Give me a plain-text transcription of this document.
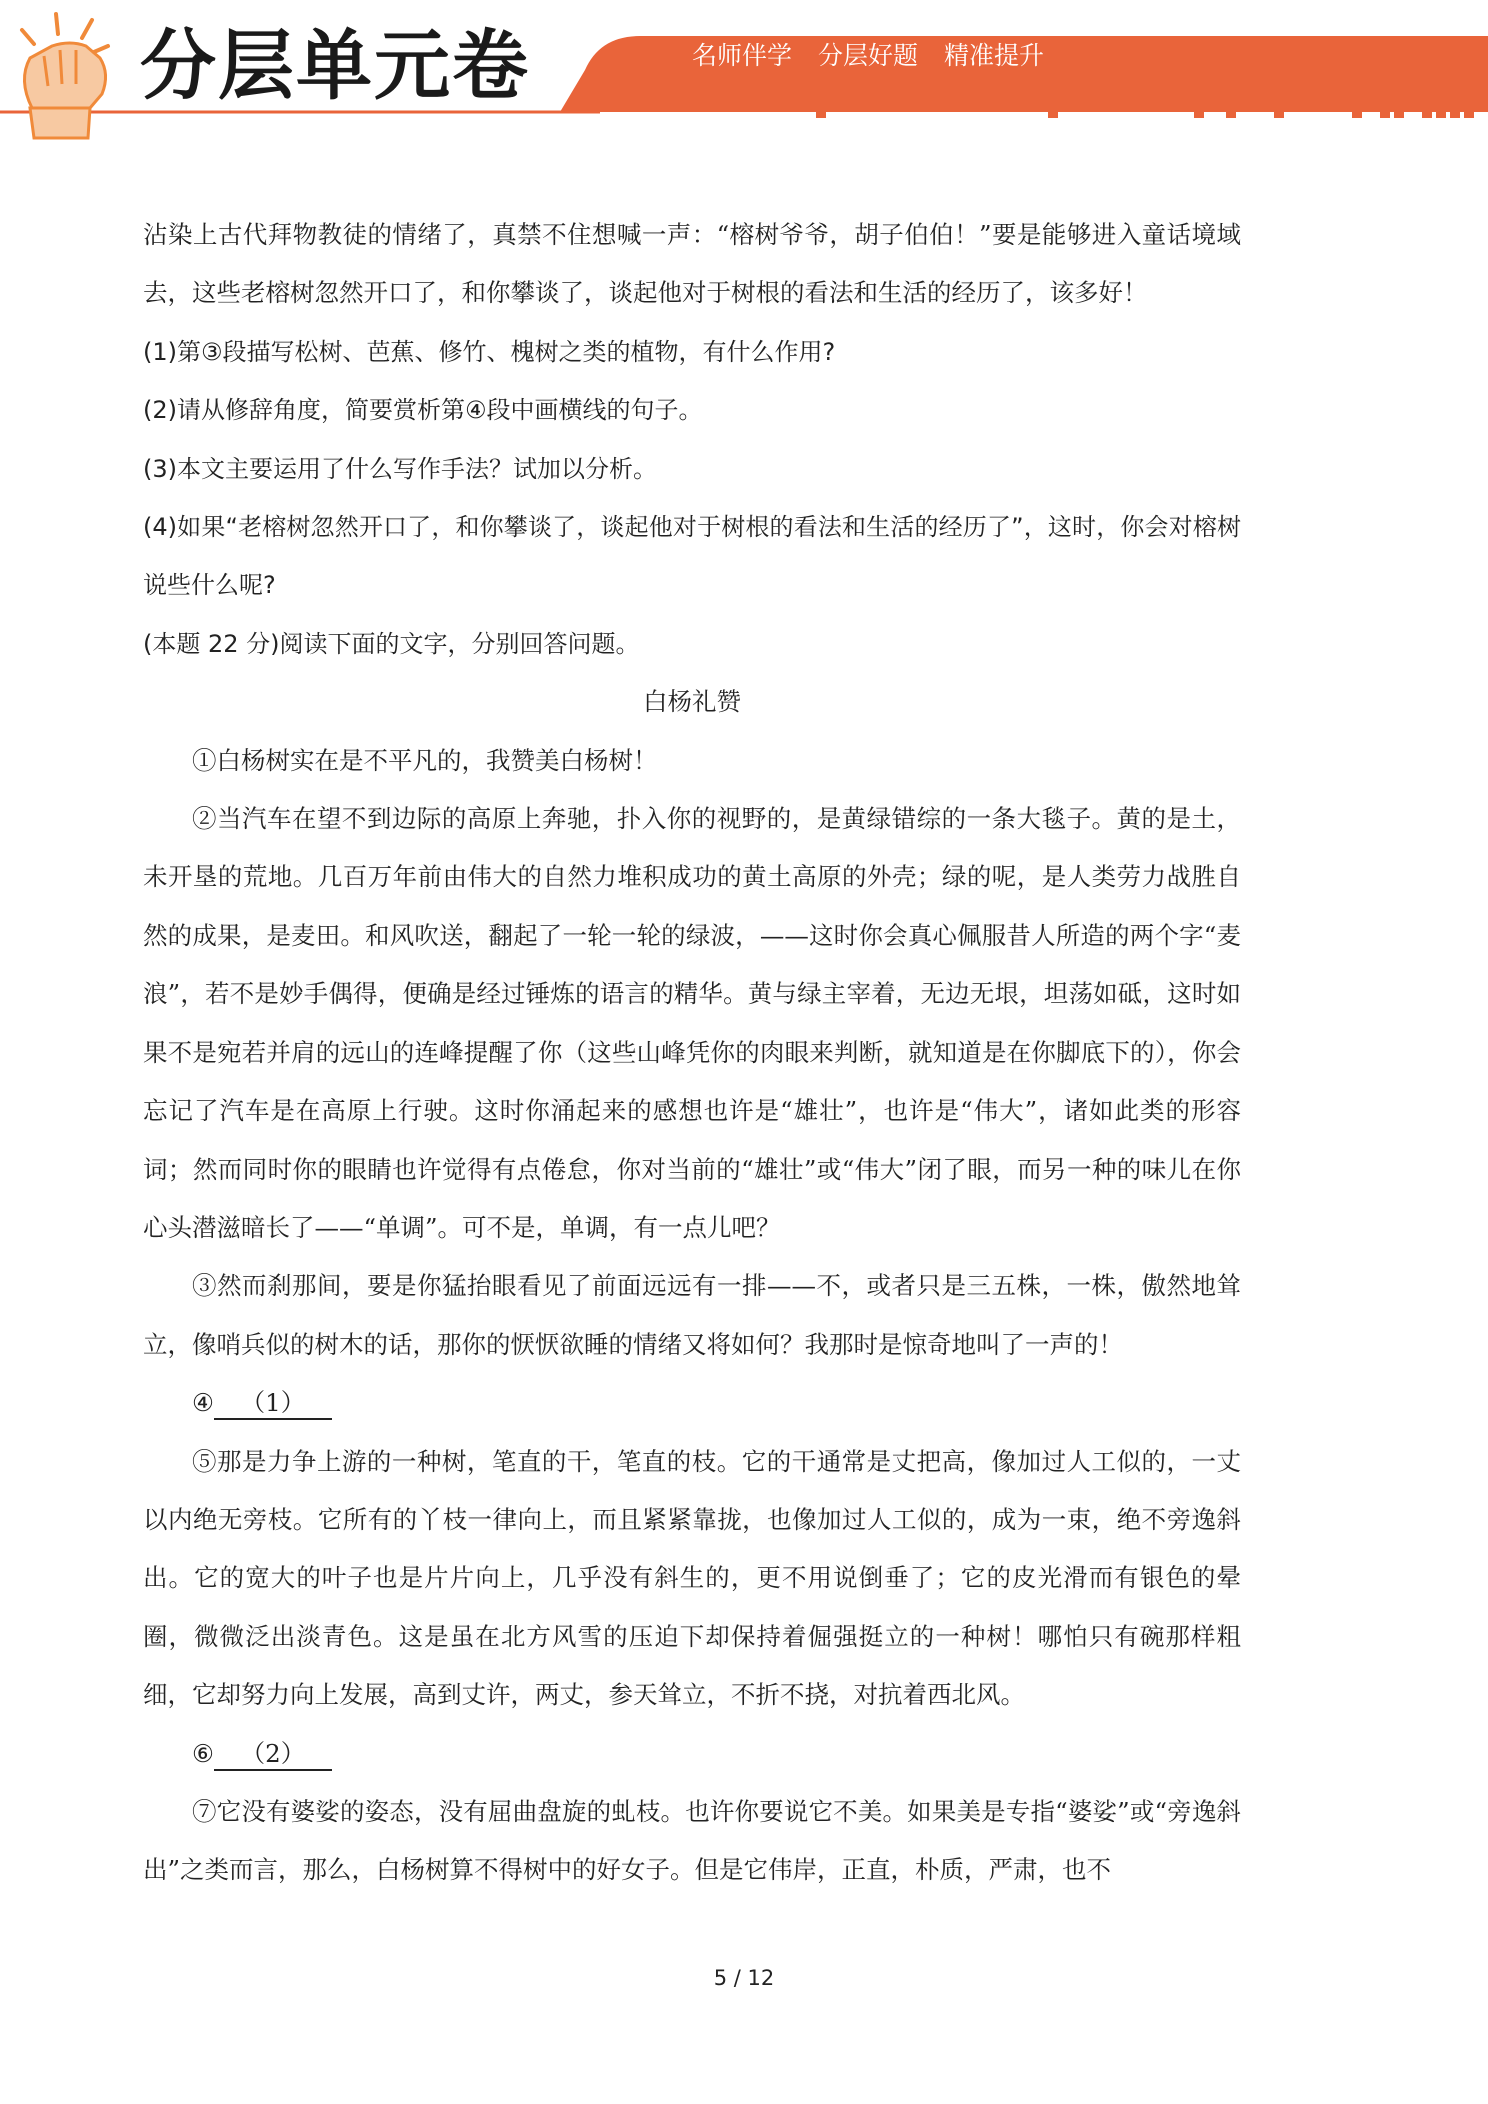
分层单元卷	名师伴学 分层好题 精准提升

沾染上古代拜物教徒的情绪了，真禁不住想喊一声：“榕树爷爷，胡子伯伯！”要是能够进入童话境域去，这些老榕树忽然开口了，和你攀谈了，谈起他对于树根的看法和生活的经历了，该多好！

(1)第③段描写松树、芭蕉、修竹、槐树之类的植物，有什么作用?

(2)请从修辞角度，简要赏析第④段中画横线的句子。

(3)本文主要运用了什么写作手法？试加以分析。

(4)如果“老榕树忽然开口了，和你攀谈了，谈起他对于树根的看法和生活的经历了”，这时，你会对榕树说些什么呢?

(本题 22 分)阅读下面的文字，分别回答问题。

白杨礼赞

①白杨树实在是不平凡的，我赞美白杨树！

②当汽车在望不到边际的高原上奔驰，扑入你的视野的，是黄绿错综的一条大毯子。黄的是土，未开垦的荒地。几百万年前由伟大的自然力堆积成功的黄土高原的外壳；绿的呢，是人类劳力战胜自然的成果，是麦田。和风吹送，翻起了一轮一轮的绿波，——这时你会真心佩服昔人所造的两个字“麦浪”，若不是妙手偶得，便确是经过锤炼的语言的精华。黄与绿主宰着，无边无垠，坦荡如砥，这时如果不是宛若并肩的远山的连峰提醒了你（这些山峰凭你的肉眼来判断，就知道是在你脚底下的），你会忘记了汽车是在高原上行驶。这时你涌起来的感想也许是“雄壮”，也许是“伟大”，诸如此类的形容词；然而同时你的眼睛也许觉得有点倦怠，你对当前的“雄壮”或“伟大”闭了眼，而另一种的味儿在你心头潜滋暗长了——“单调”。可不是，单调，有一点儿吧？

③然而刹那间，要是你猛抬眼看见了前面远远有一排——不，或者只是三五株，一株，傲然地耸立，像哨兵似的树木的话，那你的恹恹欲睡的情绪又将如何？我那时是惊奇地叫了一声的！

④ （1）

⑤那是力争上游的一种树，笔直的干，笔直的枝。它的干通常是丈把高，像加过人工似的，一丈以内绝无旁枝。它所有的丫枝一律向上，而且紧紧靠拢，也像加过人工似的，成为一束，绝不旁逸斜出。它的宽大的叶子也是片片向上，几乎没有斜生的，更不用说倒垂了；它的皮光滑而有银色的晕圈，微微泛出淡青色。这是虽在北方风雪的压迫下却保持着倔强挺立的一种树！哪怕只有碗那样粗细，它却努力向上发展，高到丈许，两丈，参天耸立，不折不挠，对抗着西北风。

⑥ （2）

⑦它没有婆娑的姿态，没有屈曲盘旋的虬枝。也许你要说它不美。如果美是专指“婆娑”或“旁逸斜出”之类而言，那么，白杨树算不得树中的好女子。但是它伟岸，正直，朴质，严肃，也不

5 / 12
